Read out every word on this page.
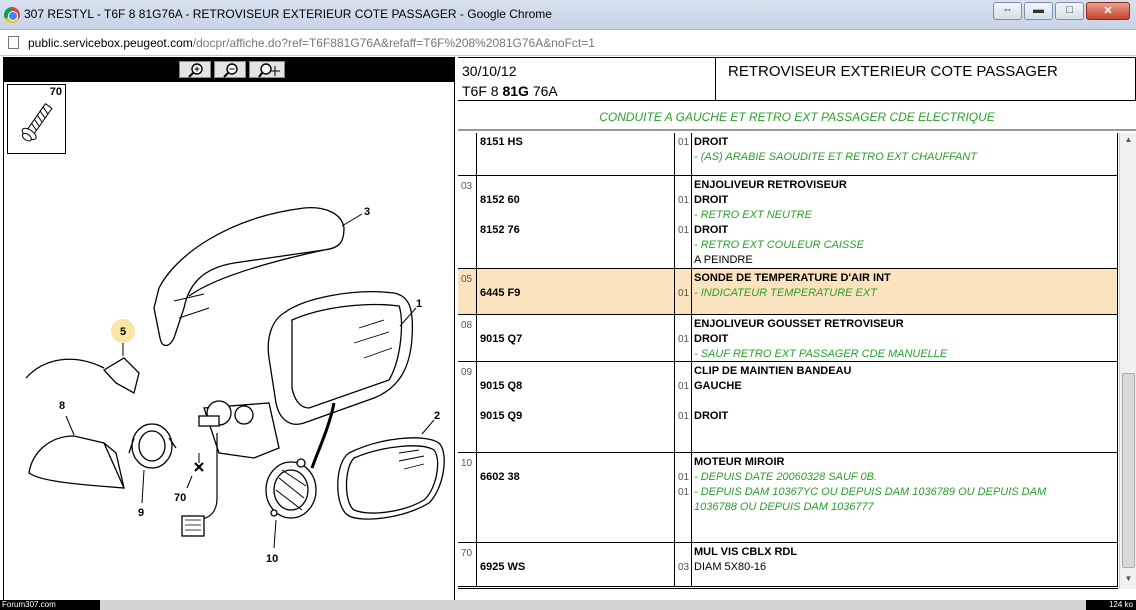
307 RESTYL - T6F 8 81G76A - RETROVISEUR EXTERIEUR COTE PASSAGER - Google Chrome	⇔	▬	□	✕
public.servicebox.peugeot.com/docpr/affiche.do?ref=T6F881G76A&refaff=T6F%208%2081G76A&noFct=1
70
3
1
2
5
8
9
70
10
30/10/12
T6F 8 81G 76A
RETROVISEUR EXTERIEUR COTE PASSAGER
CONDUITE A GAUCHE ET RETRO EXT PASSAGER CDE ELECTRIQUE
8151 HS	01 DROIT
- (AS) ARABIE SAOUDITE ET RETRO EXT CHAUFFANT
03	ENJOLIVEUR RETROVISEUR
8152 60	01 DROIT
- RETRO EXT NEUTRE
8152 76	01 DROIT
- RETRO EXT COULEUR CAISSE
A PEINDRE
05	SONDE DE TEMPERATURE D'AIR INT
6445 F9	01 - INDICATEUR TEMPERATURE EXT
08	ENJOLIVEUR GOUSSET RETROVISEUR
9015 Q7	01 DROIT
- SAUF RETRO EXT PASSAGER CDE MANUELLE
09	CLIP DE MAINTIEN BANDEAU
9015 Q8	01 GAUCHE
9015 Q9	01 DROIT
10	MOTEUR MIROIR
6602 38	01 - DEPUIS DATE 20060328 SAUF 0B.
01 - DEPUIS DAM 10367YC OU DEPUIS DAM 1036789 OU DEPUIS DAM
1036788 OU DEPUIS DAM 1036777
70	MUL VIS CBLX RDL
6925 WS	03 DIAM 5X80-16
▲
▼
Forum307.com	124 ko
